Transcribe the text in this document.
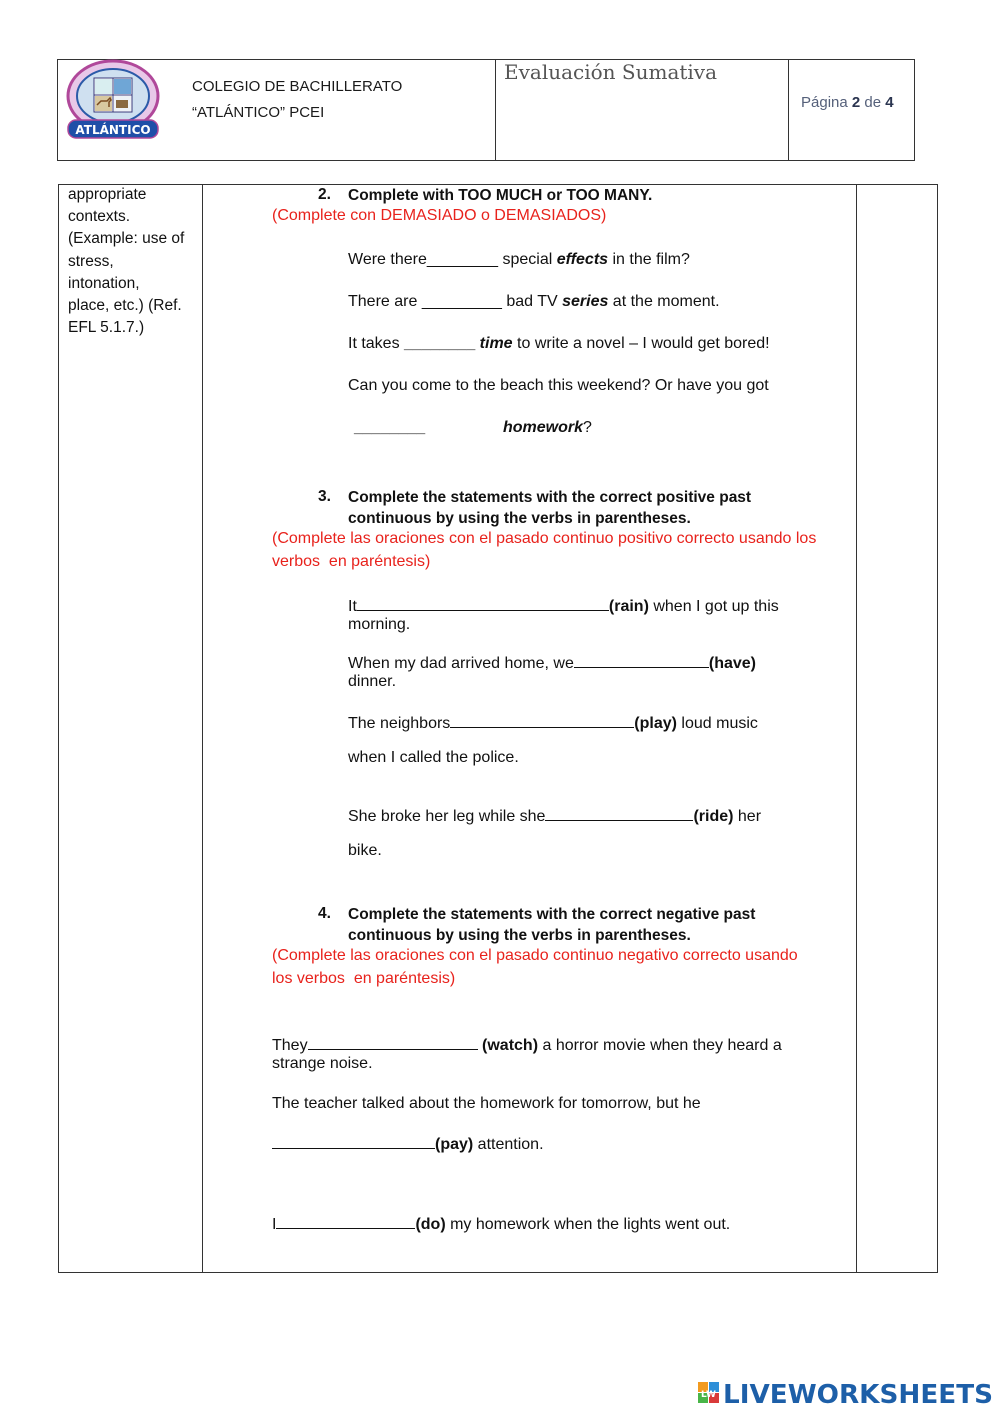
ATLÁNTICO
COLEGIO DE BACHILLERATO
“ATLÁNTICO” PCEI
Evaluación Sumativa
Página 2 de 4
appropriate
contexts.
(Example: use of
stress,
intonation,
place, etc.) (Ref.
EFL 5.1.7.)
2. Complete with TOO MUCH or TOO MANY.
(Complete con DEMASIADO o DEMASIADOS)
Were there________ special effects in the film?
There are _________ bad TV series at the moment.
It takes ________ time to write a novel – I would get bored!
Can you come to the beach this weekend? Or have you got
________	homework?
3. Complete the statements with the correct positive past
continuous by using the verbs in parentheses.
(Complete las oraciones con el pasado continuo positivo correcto usando los
verbos  en paréntesis)
It	(rain) when I got up this
morning.
When my dad arrived home, we	(have)
dinner.
The neighbors	(play) loud music
when I called the police.
She broke her leg while she	(ride) her
bike.
4. Complete the statements with the correct negative past
continuous by using the verbs in parentheses.
(Complete las oraciones con el pasado continuo negativo correcto usando
los verbos  en paréntesis)
They	(watch) a horror movie when they heard a
strange noise.
The teacher talked about the homework for tomorrow, but he
(pay) attention.
I	(do) my homework when the lights went out.
LW LIVEWORKSHEETS
